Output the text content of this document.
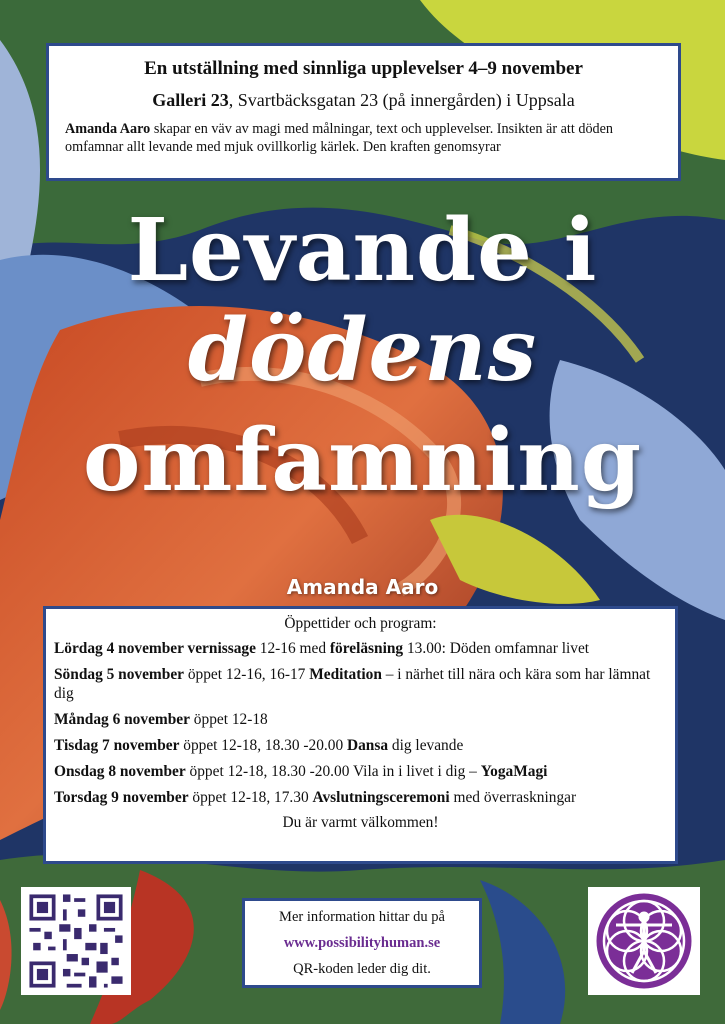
En utställning med sinnliga upplevelser 4–9 november
Galleri 23, Svartbäcksgatan 23 (på innergården) i Uppsala
Amanda Aaro skapar en väv av magi med målningar, text och upplevelser. Insikten är att döden omfamnar allt levande med mjuk ovillkorlig kärlek. Den kraften genomsyrar
Levande i
dödens
omfamning
Amanda Aaro
Öppettider och program:
Lördag 4 november vernissage 12-16 med föreläsning 13.00: Döden omfamnar livet
Söndag 5 november öppet 12-16, 16-17 Meditation – i närhet till nära och kära som har lämnat dig
Måndag 6 november öppet 12-18
Tisdag 7 november öppet 12-18, 18.30 -20.00 Dansa dig levande
Onsdag 8 november öppet 12-18, 18.30 -20.00 Vila in i livet i dig – YogaMagi
Torsdag 9 november öppet 12-18, 17.30 Avslutningsceremoni med överraskningar
Du är varmt välkommen!
Mer information hittar du på
www.possibilityhuman.se
QR-koden leder dig dit.
